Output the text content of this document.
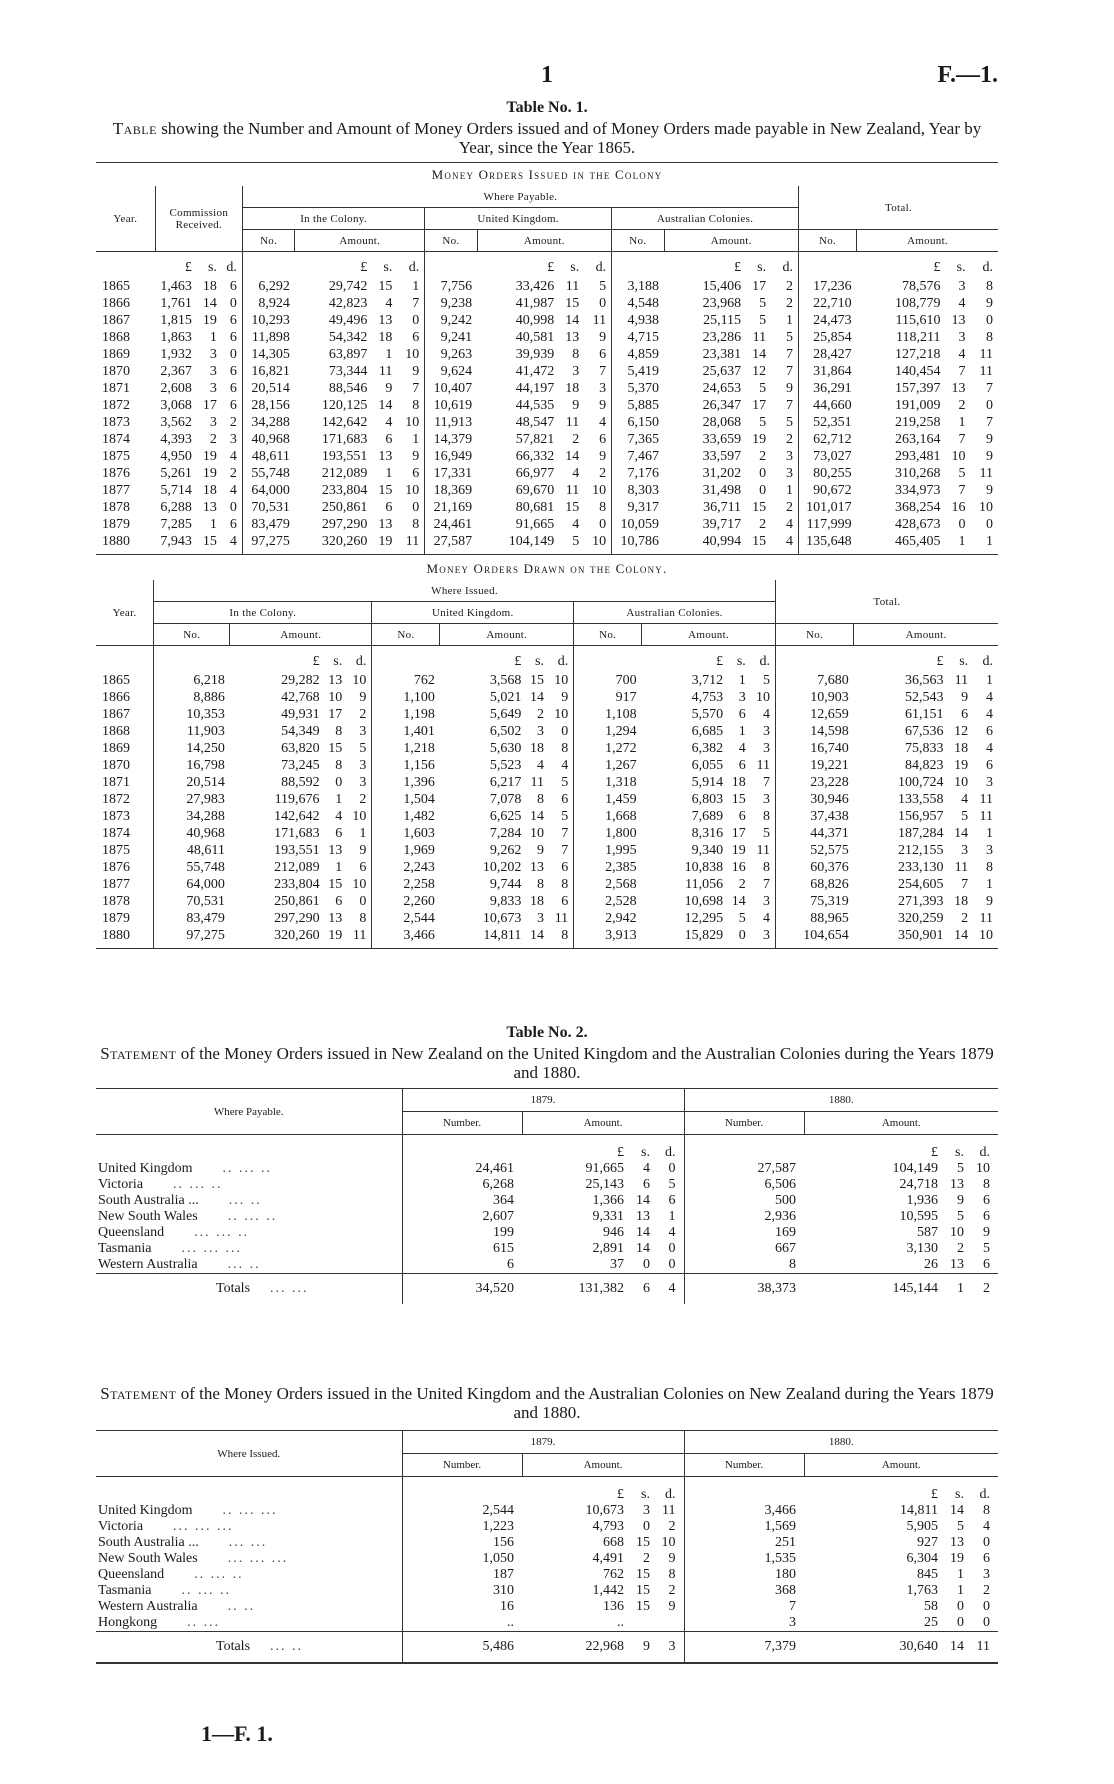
1	F.—1.

Table No. 1.

Table showing the Number and Amount of Money Orders issued and of Money Orders made payable in New Zealand, Year by Year, since the Year 1865.

Money Orders Issued in the Colony
Year.	Commission Received.			Where Payable.												Total.			
				In the Colony.				United Kingdom.				Australian Colonies.							
				No.	Amount.			No.	Amount.			No.	Amount.			No.	Amount.		
	£	s.	d.		£	s.	d.		£	s.	d.		£	s.	d.		£	s.	d.
1865	1,463	18	6	6,292	29,742	15	1	7,756	33,426	11	5	3,188	15,406	17	2	17,236	78,576	3	8
1866	1,761	14	0	8,924	42,823	4	7	9,238	41,987	15	0	4,548	23,968	5	2	22,710	108,779	4	9
1867	1,815	19	6	10,293	49,496	13	0	9,242	40,998	14	11	4,938	25,115	5	1	24,473	115,610	13	0
1868	1,863	1	6	11,898	54,342	18	6	9,241	40,581	13	9	4,715	23,286	11	5	25,854	118,211	3	8
1869	1,932	3	0	14,305	63,897	1	10	9,263	39,939	8	6	4,859	23,381	14	7	28,427	127,218	4	11
1870	2,367	3	6	16,821	73,344	11	9	9,624	41,472	3	7	5,419	25,637	12	7	31,864	140,454	7	11
1871	2,608	3	6	20,514	88,546	9	7	10,407	44,197	18	3	5,370	24,653	5	9	36,291	157,397	13	7
1872	3,068	17	6	28,156	120,125	14	8	10,619	44,535	9	9	5,885	26,347	17	7	44,660	191,009	2	0
1873	3,562	3	2	34,288	142,642	4	10	11,913	48,547	11	4	6,150	28,068	5	5	52,351	219,258	1	7
1874	4,393	2	3	40,968	171,683	6	1	14,379	57,821	2	6	7,365	33,659	19	2	62,712	263,164	7	9
1875	4,950	19	4	48,611	193,551	13	9	16,949	66,332	14	9	7,467	33,597	2	3	73,027	293,481	10	9
1876	5,261	19	2	55,748	212,089	1	6	17,331	66,977	4	2	7,176	31,202	0	3	80,255	310,268	5	11
1877	5,714	18	4	64,000	233,804	15	10	18,369	69,670	11	10	8,303	31,498	0	1	90,672	334,973	7	9
1878	6,288	13	0	70,531	250,861	6	0	21,169	80,681	15	8	9,317	36,711	15	2	101,017	368,254	16	10
1879	7,285	1	6	83,479	297,290	13	8	24,461	91,665	4	0	10,059	39,717	2	4	117,999	428,673	0	0
1880	7,943	15	4	97,275	320,260	19	11	27,587	104,149	5	10	10,786	40,994	15	4	135,648	465,405	1	1

Money Orders Drawn on the Colony.
Year.	Where Issued.												Total.			
	In the Colony.				United Kingdom.				Australian Colonies.							
	No.	Amount.			No.	Amount.			No.	Amount.			No.	Amount.		
		£	s.	d.		£	s.	d.		£	s.	d.		£	s.	d.
1865	6,218	29,282	13	10	762	3,568	15	10	700	3,712	1	5	7,680	36,563	11	1
1866	8,886	42,768	10	9	1,100	5,021	14	9	917	4,753	3	10	10,903	52,543	9	4
1867	10,353	49,931	17	2	1,198	5,649	2	10	1,108	5,570	6	4	12,659	61,151	6	4
1868	11,903	54,349	8	3	1,401	6,502	3	0	1,294	6,685	1	3	14,598	67,536	12	6
1869	14,250	63,820	15	5	1,218	5,630	18	8	1,272	6,382	4	3	16,740	75,833	18	4
1870	16,798	73,245	8	3	1,156	5,523	4	4	1,267	6,055	6	11	19,221	84,823	19	6
1871	20,514	88,592	0	3	1,396	6,217	11	5	1,318	5,914	18	7	23,228	100,724	10	3
1872	27,983	119,676	1	2	1,504	7,078	8	6	1,459	6,803	15	3	30,946	133,558	4	11
1873	34,288	142,642	4	10	1,482	6,625	14	5	1,668	7,689	6	8	37,438	156,957	5	11
1874	40,968	171,683	6	1	1,603	7,284	10	7	1,800	8,316	17	5	44,371	187,284	14	1
1875	48,611	193,551	13	9	1,969	9,262	9	7	1,995	9,340	19	11	52,575	212,155	3	3
1876	55,748	212,089	1	6	2,243	10,202	13	6	2,385	10,838	16	8	60,376	233,130	11	8
1877	64,000	233,804	15	10	2,258	9,744	8	8	2,568	11,056	2	7	68,826	254,605	7	1
1878	70,531	250,861	6	0	2,260	9,833	18	6	2,528	10,698	14	3	75,319	271,393	18	9
1879	83,479	297,290	13	8	2,544	10,673	3	11	2,942	12,295	5	4	88,965	320,259	2	11
1880	97,275	320,260	19	11	3,466	14,811	14	8	3,913	15,829	0	3	104,654	350,901	14	10

Table No. 2.

Statement of the Money Orders issued in New Zealand on the United Kingdom and the Australian Colonies during the Years 1879 and 1880.

Where Payable.	1879.				1880.			
	Number.	Amount.			Number.	Amount.		
		£	s.	d.		£	s.	d.
United Kingdom .. ... ..	24,461	91,665	4	0	27,587	104,149	5	10
Victoria .. ... ..	6,268	25,143	6	5	6,506	24,718	13	8
South Australia ... ... ..	364	1,366	14	6	500	1,936	9	6
New South Wales .. ... ..	2,607	9,331	13	1	2,936	10,595	5	6
Queensland ... ... ..	199	946	14	4	169	587	10	9
Tasmania ... ... ...	615	2,891	14	0	667	3,130	2	5
Western Australia ... ..	6	37	0	0	8	26	13	6
Totals ... ...	34,520	131,382	6	4	38,373	145,144	1	2

Statement of the Money Orders issued in the United Kingdom and the Australian Colonies on New Zealand during the Years 1879 and 1880.

Where Issued.	1879.				1880.			
	Number.	Amount.			Number.	Amount.		
		£	s.	d.		£	s.	d.
United Kingdom .. ... ...	2,544	10,673	3	11	3,466	14,811	14	8
Victoria ... ... ...	1,223	4,793	0	2	1,569	5,905	5	4
South Australia ... ... ...	156	668	15	10	251	927	13	0
New South Wales ... ... ...	1,050	4,491	2	9	1,535	6,304	19	6
Queensland .. ... ..	187	762	15	8	180	845	1	3
Tasmania .. ... ..	310	1,442	15	2	368	1,763	1	2
Western Australia .. ..	16	136	15	9	7	58	0	0
Hongkong .. ...	..	..			3	25	0	0
Totals ... ..	5,486	22,968	9	3	7,379	30,640	14	11
1—F. 1.
